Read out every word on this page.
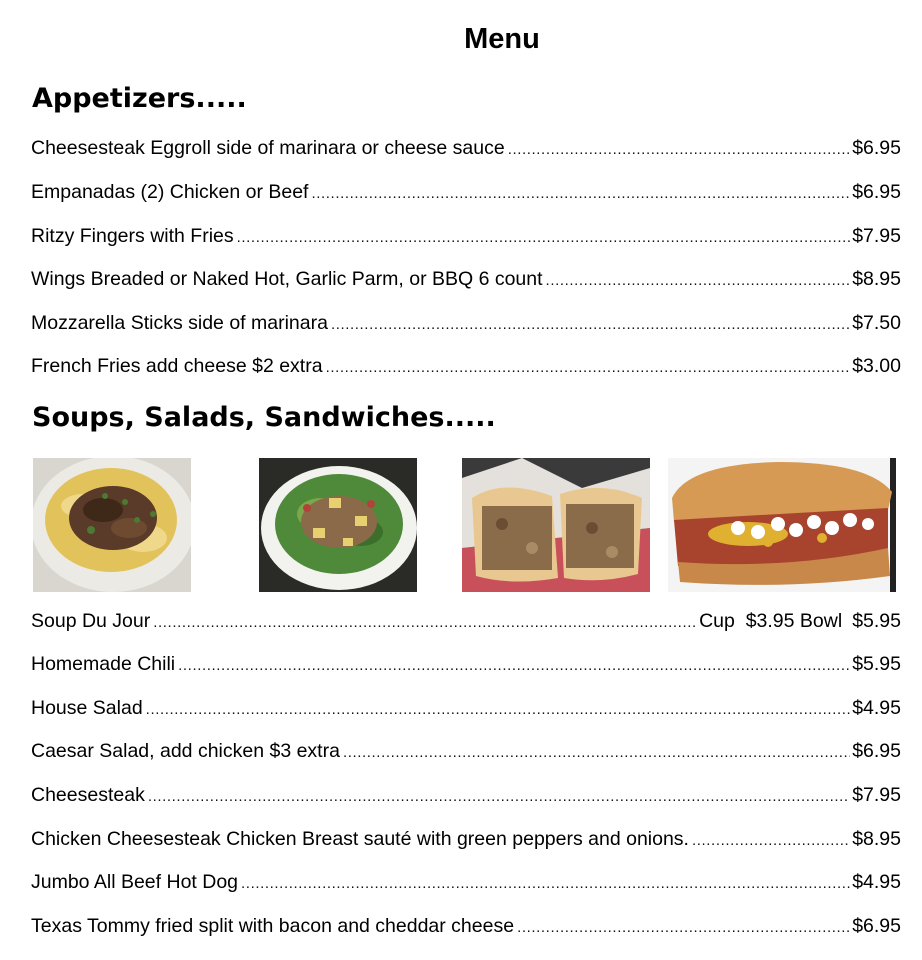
Menu
Appetizers.....
Cheesesteak Eggroll side of marinara or cheese sauce .....	$6.95
Empanadas (2) Chicken or Beef .....	$6.95
Ritzy Fingers with Fries .....	$7.95
Wings Breaded or Naked Hot, Garlic Parm, or BBQ 6 count .....	$8.95
Mozzarella Sticks side of marinara .....	$7.50
French Fries add cheese $2 extra .....	$3.00
Soups, Salads, Sandwiches.....
Soup Du Jour .....	Cup  $3.95 Bowl $5.95
Homemade Chili .....	$5.95
House Salad .....	$4.95
Caesar Salad, add chicken $3 extra .....	$6.95
Cheesesteak .....	$7.95
Chicken Cheesesteak Chicken Breast sauté with green peppers and onions. .....	$8.95
Jumbo All Beef Hot Dog .....	$4.95
Texas Tommy fried split with bacon and cheddar cheese .....	$6.95
